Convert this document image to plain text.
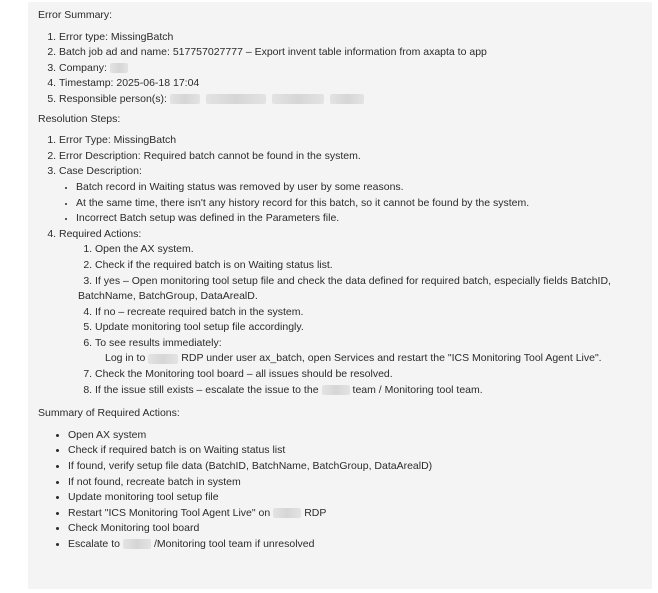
Error Summary:

1. Error type: MissingBatch
2. Batch job ad and name: 517757027777 – Export invent table information from axapta to app
3. Company:
4. Timestamp: 2025-06-18 17:04
5. Responsible person(s):

Resolution Steps:

1. Error Type: MissingBatch
2. Error Description: Required batch cannot be found in the system.
3. Case Description:
• Batch record in Waiting status was removed by user by some reasons.
• At the same time, there isn't any history record for this batch, so it cannot be found by the system.
• Incorrect Batch setup was defined in the Parameters file.
4. Required Actions:
1. Open the AX system.
2. Check if the required batch is on Waiting status list.
3. If yes – Open monitoring tool setup file and check the data defined for required batch, especially fields BatchID,
BatchName, BatchGroup, DataArealD.
4. If no – recreate required batch in the system.
5. Update monitoring tool setup file accordingly.
6. To see results immediately:
Log in to	RDP under user ax_batch, open Services and restart the "ICS Monitoring Tool Agent Live".
7. Check the Monitoring tool board – all issues should be resolved.
8. If the issue still exists – escalate the issue to the	team / Monitoring tool team.

Summary of Required Actions:

• Open AX system
• Check if required batch is on Waiting status list
• If found, verify setup file data (BatchID, BatchName, BatchGroup, DataArealD)
• If not found, recreate batch in system
• Update monitoring tool setup file
• Restart "ICS Monitoring Tool Agent Live" on	RDP
• Check Monitoring tool board
• Escalate to	/Monitoring tool team if unresolved
